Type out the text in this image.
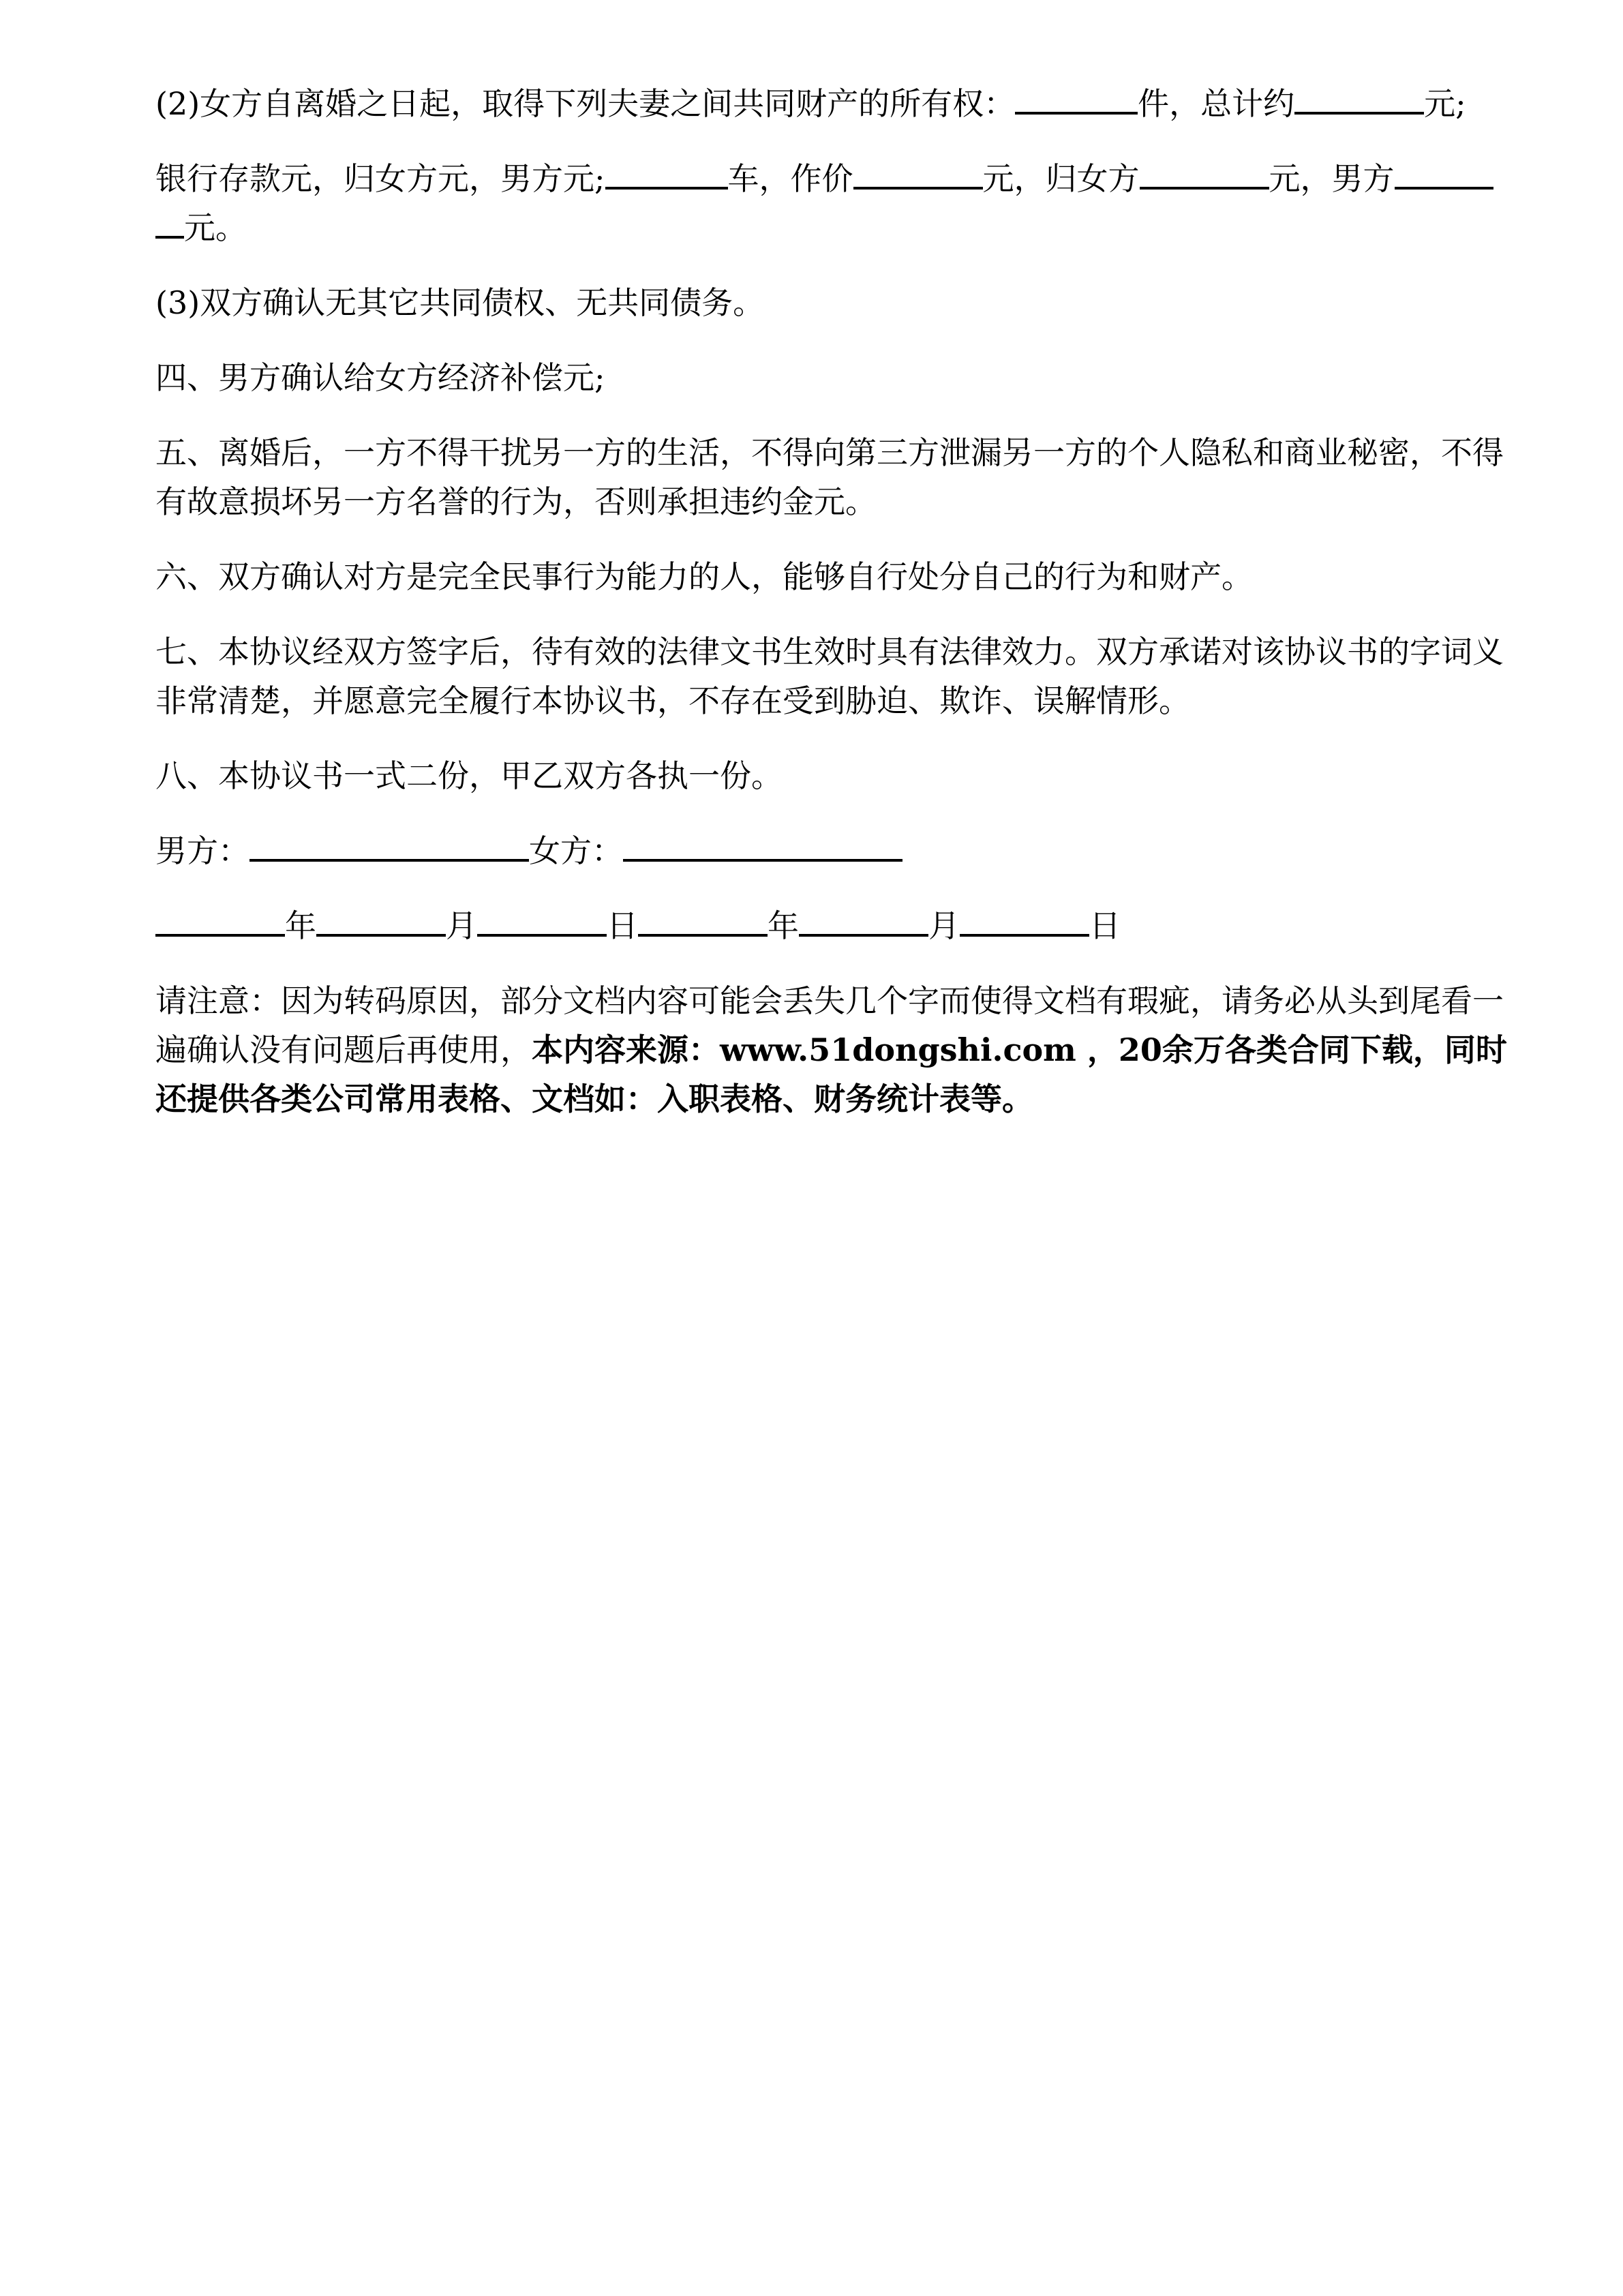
(2)女方自离婚之日起，取得下列夫妻之间共同财产的所有权：	件，总计约	元;

银行存款元，归女方元，男方元;	车，作价	元，归女方	元，男方
元。

(3)双方确认无其它共同债权、无共同债务。

四、男方确认给女方经济补偿元;

五、离婚后，一方不得干扰另一方的生活，不得向第三方泄漏另一方的个人隐私和商业秘密，不得有故意损坏另一方名誉的行为，否则承担违约金元。

六、双方确认对方是完全民事行为能力的人，能够自行处分自己的行为和财产。

七、本协议经双方签字后，待有效的法律文书生效时具有法律效力。双方承诺对该协议书的字词义非常清楚，并愿意完全履行本协议书，不存在受到胁迫、欺诈、误解情形。

八、本协议书一式二份，甲乙双方各执一份。

男方：	女方：

年	月	日	年	月	日

请注意：因为转码原因，部分文档内容可能会丢失几个字而使得文档有瑕疵，请务必从头到尾看一遍确认没有问题后再使用，本内容来源：www.51dongshi.com ，20余万各类合同下载，同时还提供各类公司常用表格、文档如：入职表格、财务统计表等。
